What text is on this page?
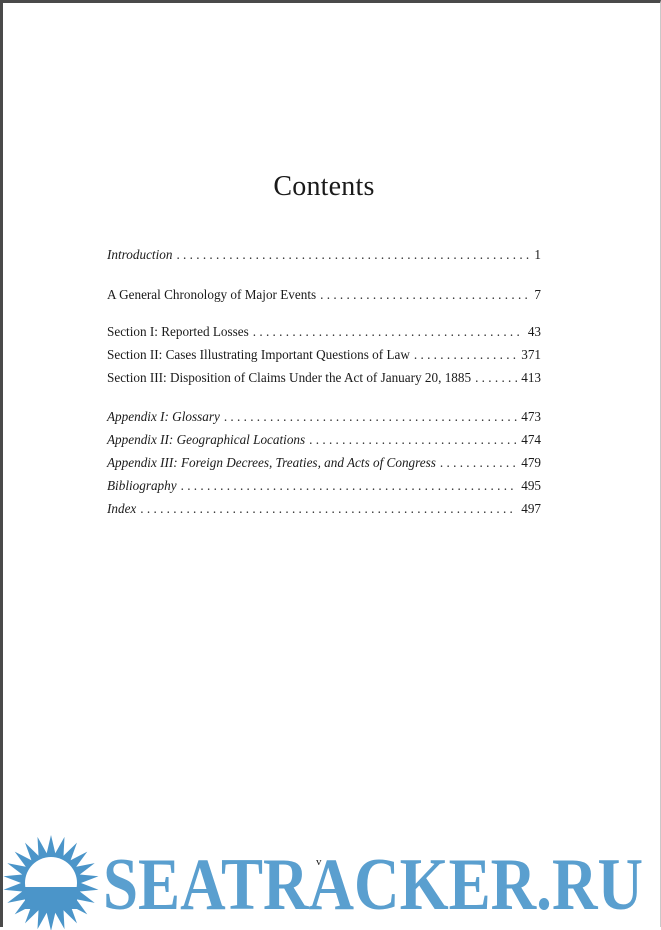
Contents
Introduction . . .	1
A General Chronology of Major Events . . .	7
Section I: Reported Losses . . .	43
Section II: Cases Illustrating Important Questions of Law . . .	371
Section III: Disposition of Claims Under the Act of January 20, 1885 . . .	413
Appendix I: Glossary . . .	473
Appendix II: Geographical Locations . . .	474
Appendix III: Foreign Decrees, Treaties, and Acts of Congress . . .	479
Bibliography . . .	495
Index . . .	497
v
SEATRACKER.RU
